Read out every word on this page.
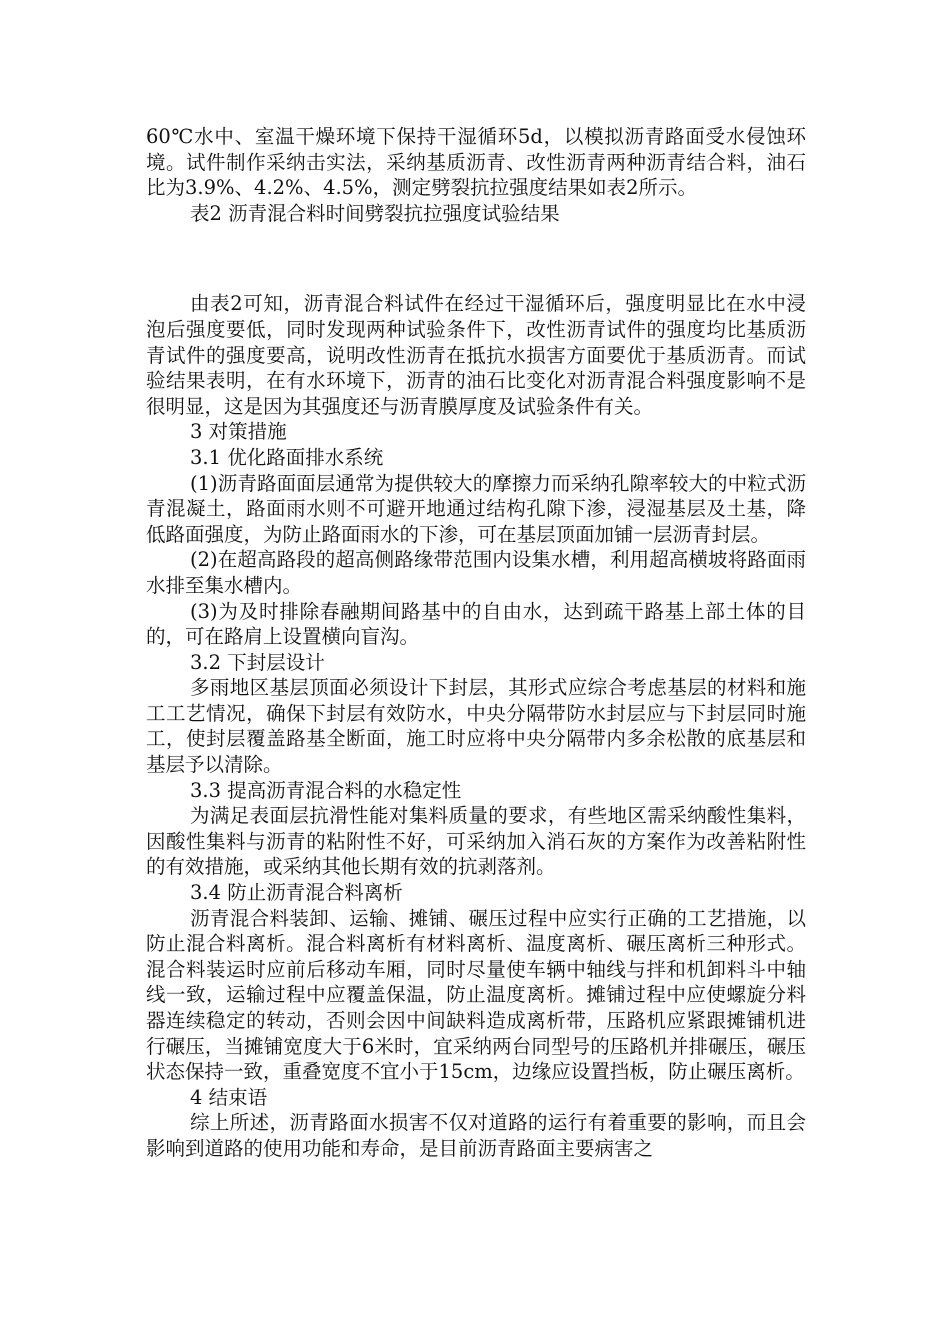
60℃水中、室温干燥环境下保持干湿循环5d，以模拟沥青路面受水侵蚀环境。试件制作采纳击实法，采纳基质沥青、改性沥青两种沥青结合料，油石比为3.9%、4.2%、4.5%，测定劈裂抗拉强度结果如表2所示。

表2 沥青混合料时间劈裂抗拉强度试验结果

由表2可知，沥青混合料试件在经过干湿循环后，强度明显比在水中浸泡后强度要低，同时发现两种试验条件下，改性沥青试件的强度均比基质沥青试件的强度要高，说明改性沥青在抵抗水损害方面要优于基质沥青。而试验结果表明，在有水环境下，沥青的油石比变化对沥青混合料强度影响不是很明显，这是因为其强度还与沥青膜厚度及试验条件有关。

3 对策措施

3.1 优化路面排水系统

(1)沥青路面面层通常为提供较大的摩擦力而采纳孔隙率较大的中粒式沥青混凝土，路面雨水则不可避开地通过结构孔隙下渗，浸湿基层及土基，降低路面强度，为防止路面雨水的下渗，可在基层顶面加铺一层沥青封层。

(2)在超高路段的超高侧路缘带范围内设集水槽，利用超高横坡将路面雨水排至集水槽内。

(3)为及时排除春融期间路基中的自由水，达到疏干路基上部土体的目的，可在路肩上设置横向盲沟。

3.2 下封层设计

多雨地区基层顶面必须设计下封层，其形式应综合考虑基层的材料和施工工艺情况，确保下封层有效防水，中央分隔带防水封层应与下封层同时施工，使封层覆盖路基全断面，施工时应将中央分隔带内多余松散的底基层和基层予以清除。

3.3 提高沥青混合料的水稳定性

为满足表面层抗滑性能对集料质量的要求，有些地区需采纳酸性集料，因酸性集料与沥青的粘附性不好，可采纳加入消石灰的方案作为改善粘附性的有效措施，或采纳其他长期有效的抗剥落剂。

3.4 防止沥青混合料离析

沥青混合料装卸、运输、摊铺、碾压过程中应实行正确的工艺措施，以防止混合料离析。混合料离析有材料离析、温度离析、碾压离析三种形式。混合料装运时应前后移动车厢，同时尽量使车辆中轴线与拌和机卸料斗中轴线一致，运输过程中应覆盖保温，防止温度离析。摊铺过程中应使螺旋分料器连续稳定的转动，否则会因中间缺料造成离析带，压路机应紧跟摊铺机进行碾压，当摊铺宽度大于6米时，宜采纳两台同型号的压路机并排碾压，碾压状态保持一致，重叠宽度不宜小于15cm，边缘应设置挡板，防止碾压离析。

4 结束语

综上所述，沥青路面水损害不仅对道路的运行有着重要的影响，而且会影响到道路的使用功能和寿命，是目前沥青路面主要病害之
